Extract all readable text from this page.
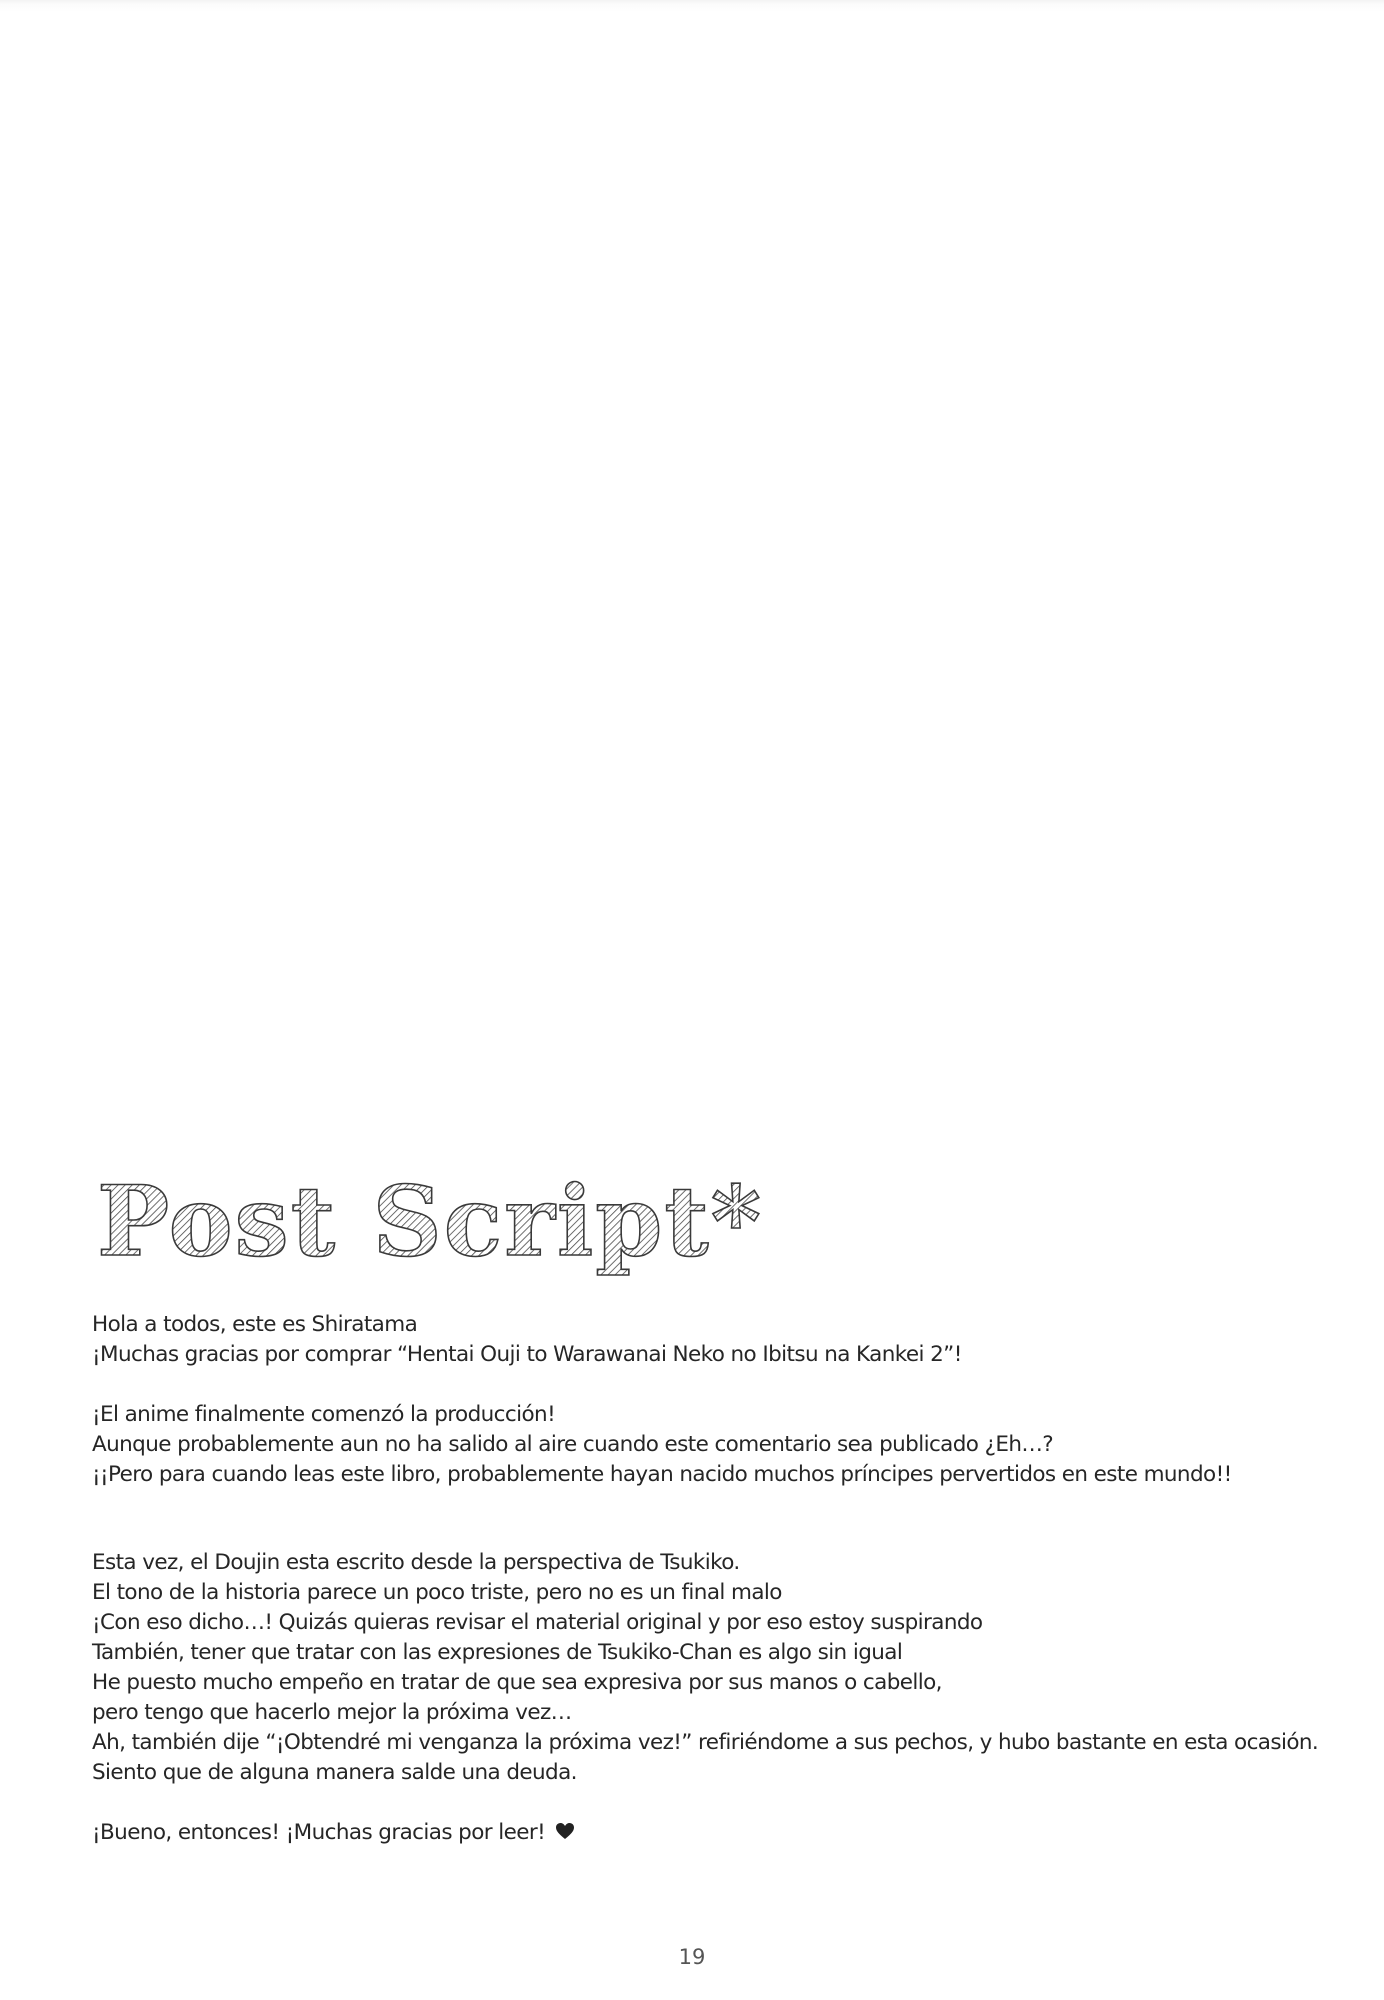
Post Script*
Hola a todos, este es Shiratama
¡Muchas gracias por comprar “Hentai Ouji to Warawanai Neko no Ibitsu na Kankei 2”!
¡El anime finalmente comenzó la producción!
Aunque probablemente aun no ha salido al aire cuando este comentario sea publicado ¿Eh…?
¡¡Pero para cuando leas este libro, probablemente hayan nacido muchos príncipes pervertidos en este mundo!!
Esta vez, el Doujin esta escrito desde la perspectiva de Tsukiko.
El tono de la historia parece un poco triste, pero no es un final malo
¡Con eso dicho…! Quizás quieras revisar el material original y por eso estoy suspirando
También, tener que tratar con las expresiones de Tsukiko-Chan es algo sin igual
He puesto mucho empeño en tratar de que sea expresiva por sus manos o cabello,
pero tengo que hacerlo mejor la próxima vez…
Ah, también dije “¡Obtendré mi venganza la próxima vez!” refiriéndome a sus pechos, y hubo bastante en esta ocasión.
Siento que de alguna manera salde una deuda.
¡Bueno, entonces! ¡Muchas gracias por leer!
19
